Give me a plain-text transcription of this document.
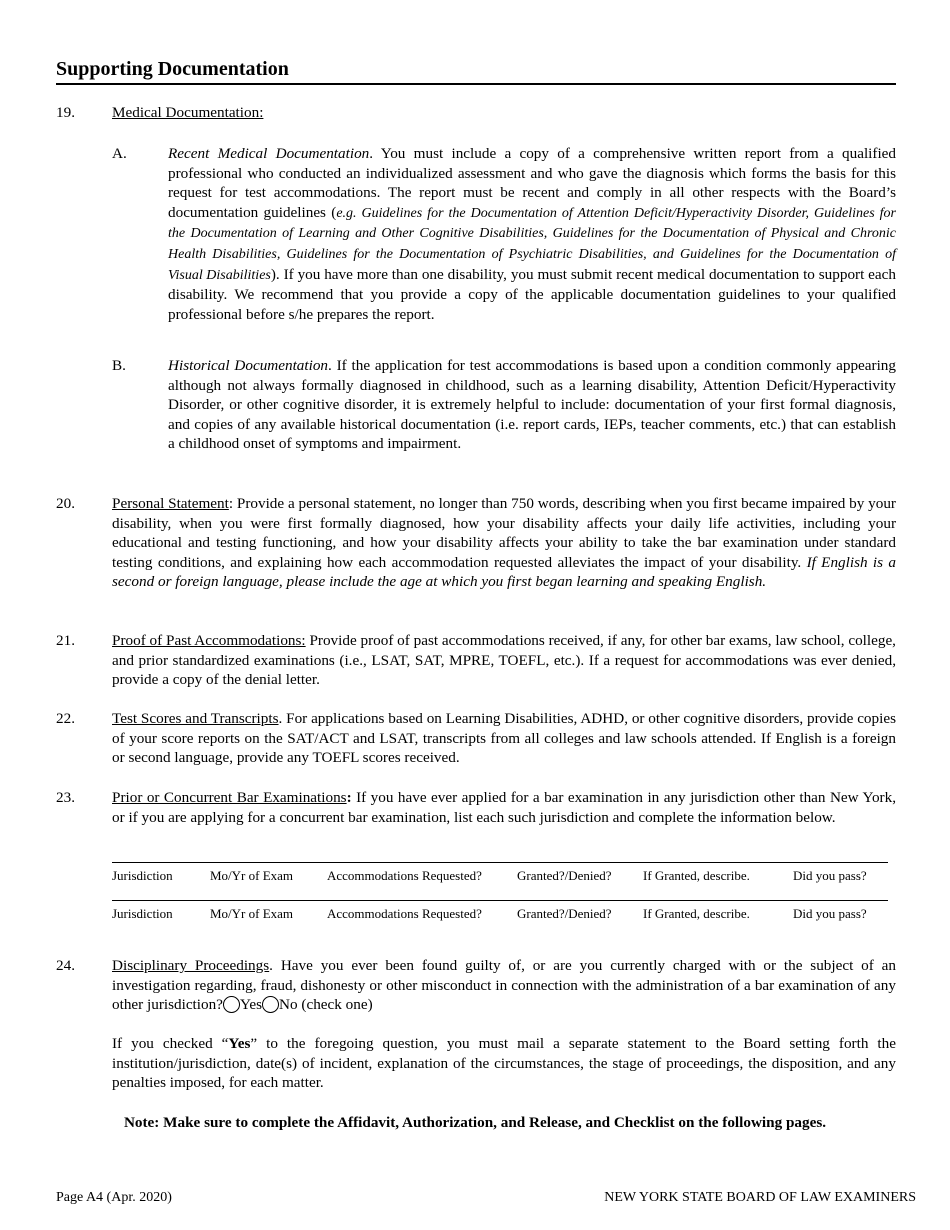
Supporting Documentation
19. Medical Documentation:
A.	Recent Medical Documentation. You must include a copy of a comprehensive written report from a qualified professional who conducted an individualized assessment and who gave the diagnosis which forms the basis for this request for test accommodations. The report must be recent and comply in all other respects with the Board’s documentation guidelines (e.g. Guidelines for the Documentation of Attention Deficit/Hyperactivity Disorder, Guidelines for the Documentation of Learning and Other Cognitive Disabilities, Guidelines for the Documentation of Physical and Chronic Health Disabilities, Guidelines for the Documentation of Psychiatric Disabilities, and Guidelines for the Documentation of Visual Disabilities). If you have more than one disability, you must submit recent medical documentation to support each disability. We recommend that you provide a copy of the applicable documentation guidelines to your qualified professional before s/he prepares the report.
B.	Historical Documentation. If the application for test accommodations is based upon a condition commonly appearing although not always formally diagnosed in childhood, such as a learning disability, Attention Deficit/Hyperactivity Disorder, or other cognitive disorder, it is extremely helpful to include: documentation of your first formal diagnosis, and copies of any available historical documentation (i.e. report cards, IEPs, teacher comments, etc.) that can establish a childhood onset of symptoms and impairment.
20. Personal Statement: Provide a personal statement, no longer than 750 words, describing when you first became impaired by your disability, when you were first formally diagnosed, how your disability affects your daily life activities, including your educational and testing functioning, and how your disability affects your ability to take the bar examination under standard testing conditions, and explaining how each accommodation requested alleviates the impact of your disability. If English is a second or foreign language, please include the age at which you first began learning and speaking English.
21. Proof of Past Accommodations: Provide proof of past accommodations received, if any, for other bar exams, law school, college, and prior standardized examinations (i.e., LSAT, SAT, MPRE, TOEFL, etc.). If a request for accommodations was ever denied, provide a copy of the denial letter.
22. Test Scores and Transcripts. For applications based on Learning Disabilities, ADHD, or other cognitive disorders, provide copies of your score reports on the SAT/ACT and LSAT, transcripts from all colleges and law schools attended. If English is a foreign or second language, provide any TOEFL scores received.
23. Prior or Concurrent Bar Examinations: If you have ever applied for a bar examination in any jurisdiction other than New York, or if you are applying for a concurrent bar examination, list each such jurisdiction and complete the information below.
Jurisdiction	Mo/Yr of Exam	Accommodations Requested?	Granted?/Denied?	If Granted, describe.	Did you pass?
Jurisdiction	Mo/Yr of Exam	Accommodations Requested?	Granted?/Denied?	If Granted, describe.	Did you pass?
24. Disciplinary Proceedings. Have you ever been found guilty of, or are you currently charged with or the subject of an investigation regarding, fraud, dishonesty or other misconduct in connection with the administration of a bar examination of any other jurisdiction? Yes No (check one)
If you checked “Yes” to the foregoing question, you must mail a separate statement to the Board setting forth the institution/jurisdiction, date(s) of incident, explanation of the circumstances, the stage of proceedings, the disposition, and any penalties imposed, for each matter.
Note: Make sure to complete the Affidavit, Authorization, and Release, and Checklist on the following pages.
Page A4 (Apr. 2020)	NEW YORK STATE BOARD OF LAW EXAMINERS
